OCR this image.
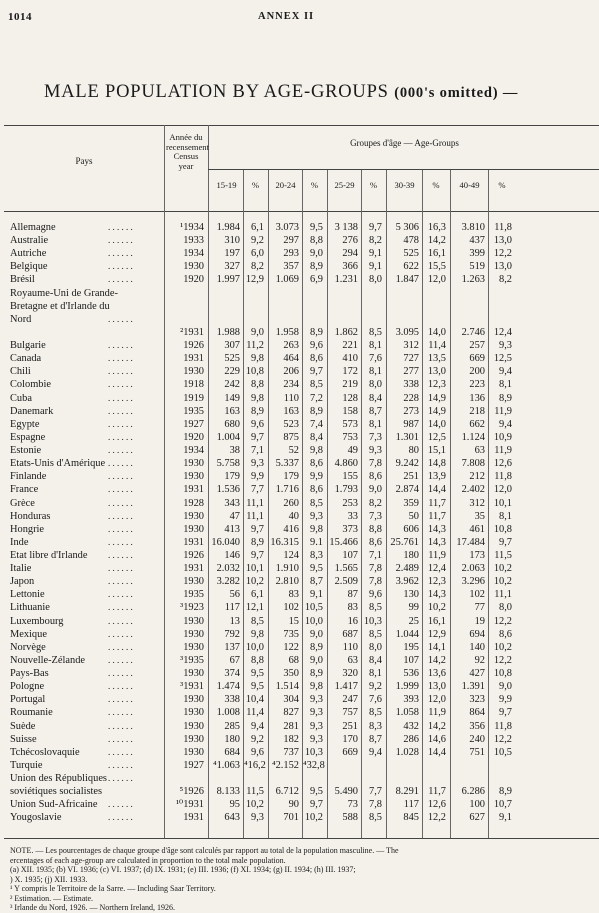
1014	ANNEX II
MALE POPULATION BY AGE-GROUPS (000's omitted) —
Pays
Année du recensement Census year
Groupes d'âge — Age-Groups
15-19	%	20-24	%	25-29	%	30-39	%	40-49	%
Allemagne	. . . . . .	¹1934	1.984	6,1	3.073	9,5	3 138	9,7	5 306 16,3	3.810 11,8
Australie	. . . . . .	1933	310	9,2	297	8,8	276	8,2	478 14,2	437 13,0
Autriche	. . . . . .	1934	197	6,0	293	9,0	294	9,1	525 16,1	399 12,2
Belgique	. . . . . .	1930	327	8,2	357	8,9	366	9,1	622 15,5	519 13,0
Brésil	. . . . . .	1920	1.997 12,9	1.069	6,9	1.231	8,0	1.847 12,0	1.263	8,2
Royaume-Uni de Grande-
Bretagne et d'Irlande du
Nord	. . . . . .
²1931	1.988	9,0	1.958	8,9	1.862	8,5	3.095 14,0	2.746 12,4
Bulgarie	. . . . . .	1926	307 11,2	263	9,6	221	8,1	312 11,4	257	9,3
Canada	. . . . . .	1931	525	9,8	464	8,6	410	7,6	727 13,5	669 12,5
Chili	. . . . . .	1930	229 10,8	206	9,7	172	8,1	277 13,0	200	9,4
Colombie	. . . . . .	1918	242	8,8	234	8,5	219	8,0	338 12,3	223	8,1
Cuba	. . . . . .	1919	149	9,8	110	7,2	128	8,4	228 14,9	136	8,9
Danemark	. . . . . .	1935	163	8,9	163	8,9	158	8,7	273 14,9	218 11,9
Egypte	. . . . . .	1927	680	9,6	523	7,4	573	8,1	987 14,0	662	9,4
Espagne	. . . . . .	1920	1.004	9,7	875	8,4	753	7,3	1.301 12,5	1.124 10,9
Estonie	. . . . . .	1934	38	7,1	52	9,8	49	9,3	80 15,1	63 11,9
Etats-Unis d'Amérique . . . . . .	1930	5.758	9,3	5.337	8,6	4.860	7,8	9.242 14,8	7.808 12,6
Finlande	. . . . . .	1930	179	9,9	179	9,9	155	8,6	251 13,9	212 11,8
France	. . . . . .	1931	1.536	7,7	1.716	8,6	1.793	9,0	2.874 14,4	2.402 12,0
Grèce	. . . . . .	1928	343 11,1	260	8,5	253	8,2	359 11,7	312 10,1
Honduras	. . . . . .	1930	47 11,1	40	9,3	33	7,3	50 11,7	35	8,1
Hongrie	. . . . . .	1930	413	9,7	416	9,8	373	8,8	606 14,3	461 10,8
Inde	. . . . . .	1931 16.040	8,9 16.315	9.1 15.466	8,6 25.761 14,3	17.484	9,7
Etat libre d'Irlande	. . . . . .	1926	146	9,7	124	8,3	107	7,1	180 11,9	173 11,5
Italie	. . . . . .	1931	2.032 10,1	1.910	9,5	1.565	7,8	2.489 12,4	2.063 10,2
Japon	. . . . . .	1930	3.282 10,2	2.810	8,7	2.509	7,8	3.962 12,3	3.296 10,2
Lettonie	. . . . . .	1935	56	6,1	83	9,1	87	9,6	130 14,3	102 11,1
Lithuanie	. . . . . .	³1923	117 12,1	102 10,5	83	8,5	99 10,2	77	8,0
Luxembourg	. . . . . .	1930	13	8,5	15 10,0	16 10,3	25 16,1	19 12,2
Mexique	. . . . . .	1930	792	9,8	735	9,0	687	8,5	1.044 12,9	694	8,6
Norvège	. . . . . .	1930	137 10,0	122	8,9	110	8,0	195 14,1	140 10,2
Nouvelle-Zélande	. . . . . .	³1935	67	8,8	68	9,0	63	8,4	107 14,2	92 12,2
Pays-Bas	. . . . . .	1930	374	9,5	350	8,9	320	8,1	536 13,6	427 10,8
Pologne	. . . . . .	³1931	1.474	9,5	1.514	9,8	1.417	9,2	1.999 13,0	1.391	9,0
Portugal	. . . . . .	1930	338 10,4	304	9,3	247	7,6	393 12,0	323	9,9
Roumanie	. . . . . .	1930	1.008 11,4	827	9,3	757	8,5	1.058 11,9	864	9,7
Suède	. . . . . .	1930	285	9,4	281	9,3	251	8,3	432 14,2	356 11,8
Suisse	. . . . . .	1930	180	9,2	182	9,3	170	8,7	286 14,6	240 12,2
Tchécoslovaquie	. . . . . .	1930	684	9,6	737 10,3	669	9,4	1.028 14,4	751 10,5
Turquie	. . . . . .	1927 ⁴1.063 ⁴16,2 ⁴2.152 ⁴32,8
Union des Républiques . . . . . .
soviétiques socialistes	⁵1926	8.133 11,5	6.712	9,5	5.490	7,7	8.291 11,7	6.286	8,9
Union Sud-Africaine	. . . . . .	¹⁰1931	95 10,2	90	9,7	73	7,8	117 12,6	100 10,7
Yougoslavie	. . . . . .	1931	643	9,3	701 10,2	588	8,5	845 12,2	627	9,1

NOTE. — Les pourcentages de chaque groupe d'âge sont calculés par rapport au total de la population masculine. — The

ercentages of each age-group are calculated in proportion to the total male population.

(a) XII. 1935; (b) VI. 1936; (c) VI. 1937; (d) IX. 1931; (e) III. 1936; (f) XI. 1934; (g) II. 1934; (h) III. 1937;

) X. 1935; (j) XII. 1933.

¹ Y compris le Territoire de la Sarre. — Including Saar Territory.

² Estimation. — Estimate.

³ Irlande du Nord, 1926. — Northern Ireland, 1926.
